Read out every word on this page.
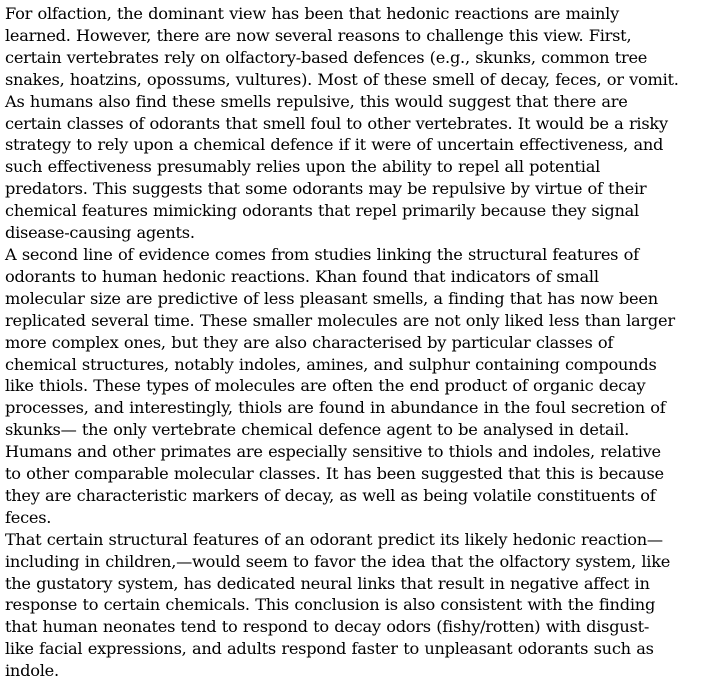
For olfaction, the dominant view has been that hedonic reactions are mainly
learned. However, there are now several reasons to challenge this view. First,
certain vertebrates rely on olfactory-based defences (e.g., skunks, common tree
snakes, hoatzins, opossums, vultures). Most of these smell of decay, feces, or vomit.
As humans also find these smells repulsive, this would suggest that there are
certain classes of odorants that smell foul to other vertebrates. It would be a risky
strategy to rely upon a chemical defence if it were of uncertain effectiveness, and
such effectiveness presumably relies upon the ability to repel all potential
predators. This suggests that some odorants may be repulsive by virtue of their
chemical features mimicking odorants that repel primarily because they signal
disease-causing agents.
A second line of evidence comes from studies linking the structural features of
odorants to human hedonic reactions. Khan found that indicators of small
molecular size are predictive of less pleasant smells, a finding that has now been
replicated several time. These smaller molecules are not only liked less than larger
more complex ones, but they are also characterised by particular classes of
chemical structures, notably indoles, amines, and sulphur containing compounds
like thiols. These types of molecules are often the end product of organic decay
processes, and interestingly, thiols are found in abundance in the foul secretion of
skunks— the only vertebrate chemical defence agent to be analysed in detail.
Humans and other primates are especially sensitive to thiols and indoles, relative
to other comparable molecular classes. It has been suggested that this is because
they are characteristic markers of decay, as well as being volatile constituents of
feces.
That certain structural features of an odorant predict its likely hedonic reaction—
including in children,—would seem to favor the idea that the olfactory system, like
the gustatory system, has dedicated neural links that result in negative affect in
response to certain chemicals. This conclusion is also consistent with the finding
that human neonates tend to respond to decay odors (fishy/rotten) with disgust-
like facial expressions, and adults respond faster to unpleasant odorants such as
indole.
